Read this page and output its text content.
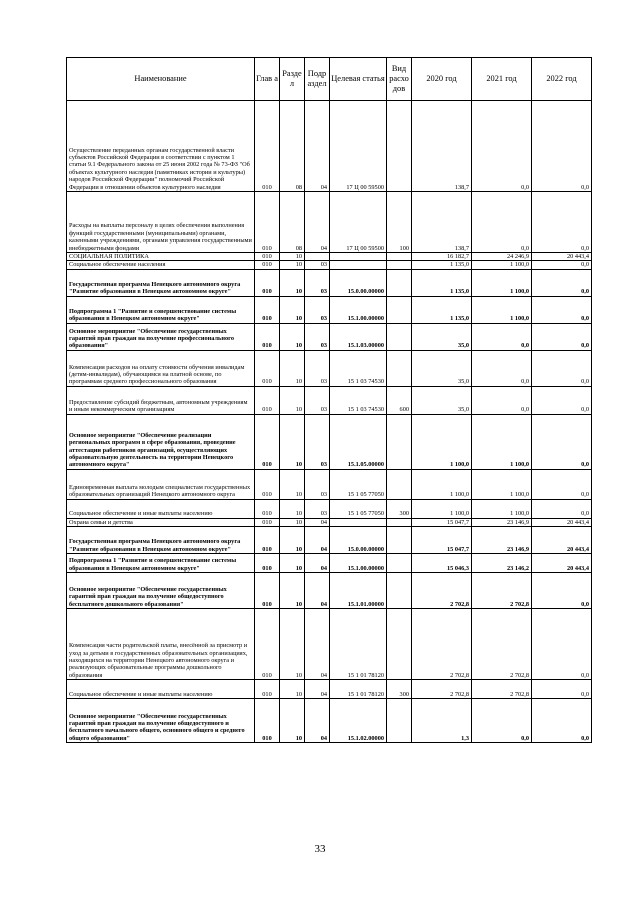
Наименование	Глав а	Разде л	Подр аздел	Целевая статья	Вид расхо дов	2020 год	2021 год	2022 год
Осуществление переданных органам государственной власти субъектов Российской Федерации в соответствии с пунктом 1 статьи 9.1 Федерального закона от 25 июня 2002 года № 73-ФЗ "Об объектах культурного наследия (памятниках истории и культуры) народов Российской Федерации" полномочий Российской Федерации в отношении объектов культурного наследия	010	08	04	17 Ц 00 59500		138,7	0,0	0,0
Расходы на выплаты персоналу в целях обеспечения выполнения функций государственными (муниципальными) органами, казенными учреждениями, органами управления государственными внебюджетными фондами	010	08	04	17 Ц 00 59500	100	138,7	0,0	0,0
СОЦИАЛЬНАЯ ПОЛИТИКА	010	10				16 182,7	24 246,9	20 443,4
Социальное обеспечение населения	010	10	03			1 135,0	1 100,0	0,0
Государственная программа Ненецкого автономного округа "Развитие образования в Ненецком автономном округе"	010	10	03	15.0.00.00000		1 135,0	1 100,0	0,0
Подпрограмма 1 "Развитие и совершенствование системы образования в Ненецком автономном округе"	010	10	03	15.1.00.00000		1 135,0	1 100,0	0,0
Основное мероприятие "Обеспечение государственных гарантий прав граждан на получение профессионального образования"	010	10	03	15.1.03.00000		35,0	0,0	0,0
Компенсация расходов на оплату стоимости обучения инвалидам (детям-инвалидам), обучающимся на платной основе, по программам среднего профессионального образования	010	10	03	15 1 03 74530		35,0	0,0	0,0
Предоставление субсидий бюджетным, автономным учреждениям и иным некоммерческим организациям	010	10	03	15 1 03 74530	600	35,0	0,0	0,0
Основное мероприятие "Обеспечение реализации региональных программ в сфере образования, проведение аттестации работников организаций, осуществляющих образовательную деятельность на территории Ненецкого автономного округа"	010	10	03	15.1.05.00000		1 100,0	1 100,0	0,0
Единовременная выплата молодым специалистам государственных образовательных организаций Ненецкого автономного округа	010	10	03	15 1 05 77050		1 100,0	1 100,0	0,0
Социальное обеспечение и иные выплаты населению	010	10	03	15 1 05 77050	300	1 100,0	1 100,0	0,0
Охрана семьи и детства	010	10	04			15 047,7	23 146,9	20 443,4
Государственная программа Ненецкого автономного округа "Развитие образования в Ненецком автономном округе"	010	10	04	15.0.00.00000		15 047,7	23 146,9	20 443,4
Подпрограмма 1 "Развитие и совершенствование системы образования в Ненецком автономном округе"	010	10	04	15.1.00.00000		15 046,3	23 146,2	20 443,4
Основное мероприятие "Обеспечение государственных гарантий прав граждан на получение общедоступного бесплатного дошкольного образования"	010	10	04	15.1.01.00000		2 702,8	2 702,8	0,0
Компенсация части родительской платы, внесённой за присмотр и уход за детьми в государственных образовательных организациях, находящихся на территории Ненецкого автономного округа и реализующих образовательные программы дошкольного образования	010	10	04	15 1 01 78120		2 702,8	2 702,8	0,0
Социальное обеспечение и иные выплаты населению	010	10	04	15 1 01 78120	300	2 702,8	2 702,8	0,0
Основное мероприятие "Обеспечение государственных гарантий прав граждан на получение общедоступного и бесплатного начального общего, основного общего и среднего общего образования"	010	10	04	15.1.02.00000		1,3	0,0	0,0
33
